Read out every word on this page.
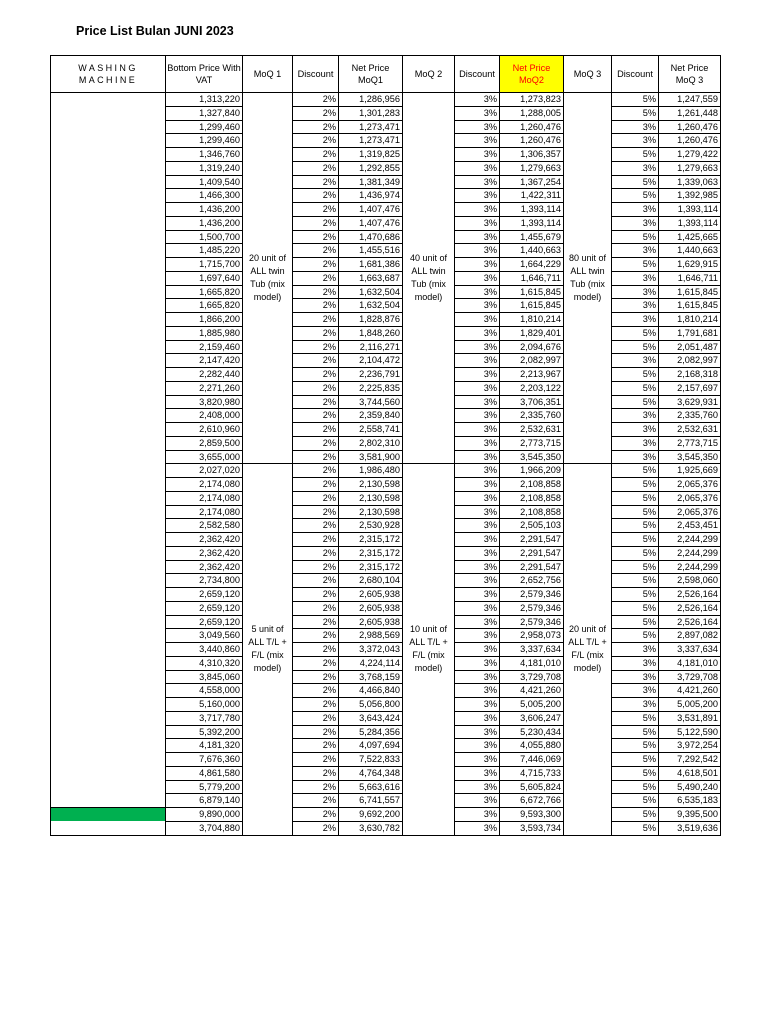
Price List Bulan JUNI 2023
WASHING MACHINE	Bottom Price With VAT	MoQ 1	Discount	Net Price MoQ1	MoQ 2	Discount	Net Price MoQ2	MoQ 3	Discount	Net Price MoQ 3
	1,313,220	20 unit of ALL twin Tub (mix model)	2%	1,286,956	40 unit of ALL twin Tub (mix model)	3%	1,273,823	80 unit of ALL twin Tub (mix model)	5%	1,247,559
	1,327,840		2%	1,301,283		3%	1,288,005		5%	1,261,448
	1,299,460		2%	1,273,471		3%	1,260,476		3%	1,260,476
	1,299,460		2%	1,273,471		3%	1,260,476		3%	1,260,476
	1,346,760		2%	1,319,825		3%	1,306,357		5%	1,279,422
	1,319,240		2%	1,292,855		3%	1,279,663		3%	1,279,663
	1,409,540		2%	1,381,349		3%	1,367,254		5%	1,339,063
	1,466,300		2%	1,436,974		3%	1,422,311		5%	1,392,985
	1,436,200		2%	1,407,476		3%	1,393,114		3%	1,393,114
	1,436,200		2%	1,407,476		3%	1,393,114		3%	1,393,114
	1,500,700		2%	1,470,686		3%	1,455,679		5%	1,425,665
	1,485,220		2%	1,455,516		3%	1,440,663		3%	1,440,663
	1,715,700		2%	1,681,386		3%	1,664,229		5%	1,629,915
	1,697,640		2%	1,663,687		3%	1,646,711		3%	1,646,711
	1,665,820		2%	1,632,504		3%	1,615,845		3%	1,615,845
	1,665,820		2%	1,632,504		3%	1,615,845		3%	1,615,845
	1,866,200		2%	1,828,876		3%	1,810,214		3%	1,810,214
	1,885,980		2%	1,848,260		3%	1,829,401		5%	1,791,681
	2,159,460		2%	2,116,271		3%	2,094,676		5%	2,051,487
	2,147,420		2%	2,104,472		3%	2,082,997		3%	2,082,997
	2,282,440		2%	2,236,791		3%	2,213,967		5%	2,168,318
	2,271,260		2%	2,225,835		3%	2,203,122		5%	2,157,697
	3,820,980		2%	3,744,560		3%	3,706,351		5%	3,629,931
	2,408,000		2%	2,359,840		3%	2,335,760		3%	2,335,760
	2,610,960		2%	2,558,741		3%	2,532,631		3%	2,532,631
	2,859,500		2%	2,802,310		3%	2,773,715		3%	2,773,715
	3,655,000		2%	3,581,900		3%	3,545,350		3%	3,545,350
	2,027,020	5 unit of ALL T/L + F/L (mix model)	2%	1,986,480	10 unit of ALL T/L + F/L (mix model)	3%	1,966,209	20 unit of ALL T/L + F/L (mix model)	5%	1,925,669
	2,174,080		2%	2,130,598		3%	2,108,858		5%	2,065,376
	2,174,080		2%	2,130,598		3%	2,108,858		5%	2,065,376
	2,174,080		2%	2,130,598		3%	2,108,858		5%	2,065,376
	2,582,580		2%	2,530,928		3%	2,505,103		5%	2,453,451
	2,362,420		2%	2,315,172		3%	2,291,547		5%	2,244,299
	2,362,420		2%	2,315,172		3%	2,291,547		5%	2,244,299
	2,362,420		2%	2,315,172		3%	2,291,547		5%	2,244,299
	2,734,800		2%	2,680,104		3%	2,652,756		5%	2,598,060
	2,659,120		2%	2,605,938		3%	2,579,346		5%	2,526,164
	2,659,120		2%	2,605,938		3%	2,579,346		5%	2,526,164
	2,659,120		2%	2,605,938		3%	2,579,346		5%	2,526,164
	3,049,560		2%	2,988,569		3%	2,958,073		5%	2,897,082
	3,440,860		2%	3,372,043		3%	3,337,634		3%	3,337,634
	4,310,320		2%	4,224,114		3%	4,181,010		3%	4,181,010
	3,845,060		2%	3,768,159		3%	3,729,708		3%	3,729,708
	4,558,000		2%	4,466,840		3%	4,421,260		3%	4,421,260
	5,160,000		2%	5,056,800		3%	5,005,200		3%	5,005,200
	3,717,780		2%	3,643,424		3%	3,606,247		5%	3,531,891
	5,392,200		2%	5,284,356		3%	5,230,434		5%	5,122,590
	4,181,320		2%	4,097,694		3%	4,055,880		5%	3,972,254
	7,676,360		2%	7,522,833		3%	7,446,069		5%	7,292,542
	4,861,580		2%	4,764,348		3%	4,715,733		5%	4,618,501
	5,779,200		2%	5,663,616		3%	5,605,824		5%	5,490,240
	6,879,140		2%	6,741,557		3%	6,672,766		5%	6,535,183
	9,890,000		2%	9,692,200		3%	9,593,300		5%	9,395,500
	3,704,880		2%	3,630,782		3%	3,593,734		5%	3,519,636
